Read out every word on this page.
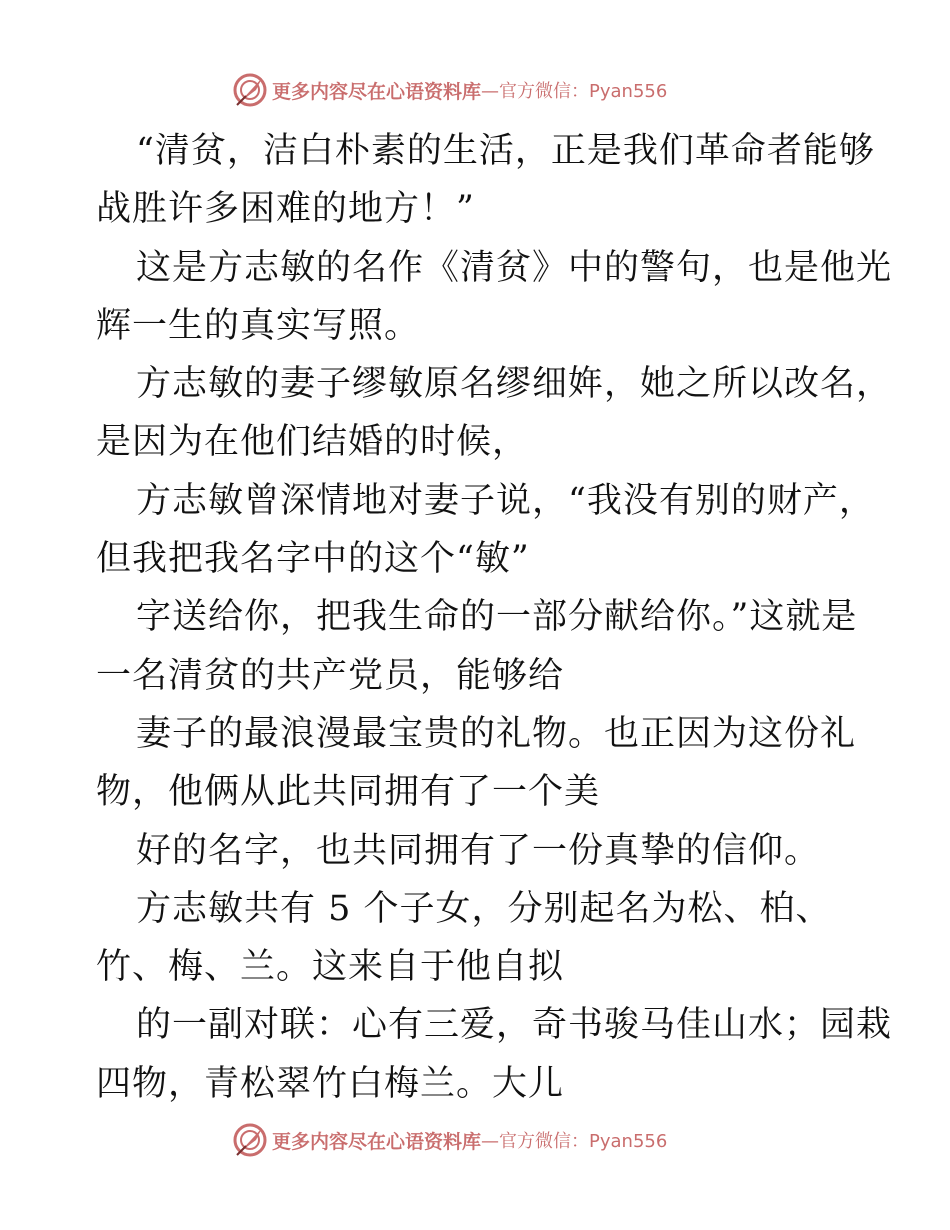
更多内容尽在心语资料库 —官方微信：Pyan556
“清贫，洁白朴素的生活，正是我们革命者能够
战胜许多困难的地方！”
这是方志敏的名作《清贫》中的警句，也是他光
辉一生的真实写照。
方志敏的妻子缪敏原名缪细姩，她之所以改名，
是因为在他们结婚的时候，
方志敏曾深情地对妻子说，“我没有别的财产，
但我把我名字中的这个“敏”
字送给你，把我生命的一部分献给你。”这就是
一名清贫的共产党员，能够给
妻子的最浪漫最宝贵的礼物。也正因为这份礼
物，他俩从此共同拥有了一个美
好的名字，也共同拥有了一份真挚的信仰。
方志敏共有 5 个子女，分别起名为松、柏、
竹、梅、兰。这来自于他自拟
的一副对联：心有三爱，奇书骏马佳山水；园栽
四物，青松翠竹白梅兰。大儿
更多内容尽在心语资料库 —官方微信：Pyan556
